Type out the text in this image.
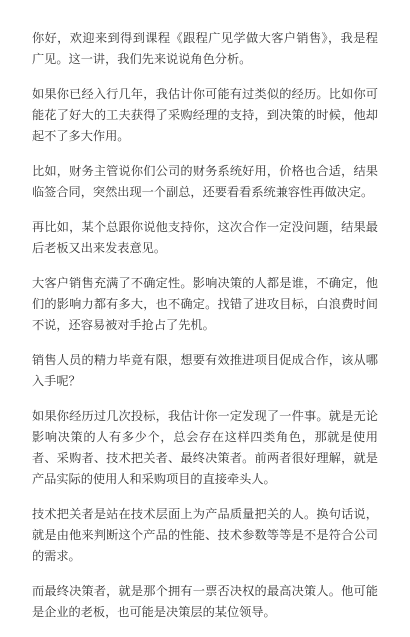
你好，欢迎来到得到课程《跟程广见学做大客户销售》，我是程广见。这一讲，我们先来说说角色分析。

如果你已经入行几年，我估计你可能有过类似的经历。比如你可能花了好大的工夫获得了采购经理的支持，到决策的时候，他却起不了多大作用。

比如，财务主管说你们公司的财务系统好用，价格也合适，结果临签合同，突然出现一个副总，还要看看系统兼容性再做决定。

再比如，某个总跟你说他支持你，这次合作一定没问题，结果最后老板又出来发表意见。

大客户销售充满了不确定性。影响决策的人都是谁，不确定，他们的影响力都有多大，也不确定。找错了进攻目标，白浪费时间不说，还容易被对手抢占了先机。

销售人员的精力毕竟有限，想要有效推进项目促成合作，该从哪入手呢？

如果你经历过几次投标，我估计你一定发现了一件事。就是无论影响决策的人有多少个，总会存在这样四类角色，那就是使用者、采购者、技术把关者、最终决策者。前两者很好理解，就是产品实际的使用人和采购项目的直接牵头人。

技术把关者是站在技术层面上为产品质量把关的人。换句话说，就是由他来判断这个产品的性能、技术参数等等是不是符合公司的需求。

而最终决策者，就是那个拥有一票否决权的最高决策人。他可能是企业的老板，也可能是决策层的某位领导。
